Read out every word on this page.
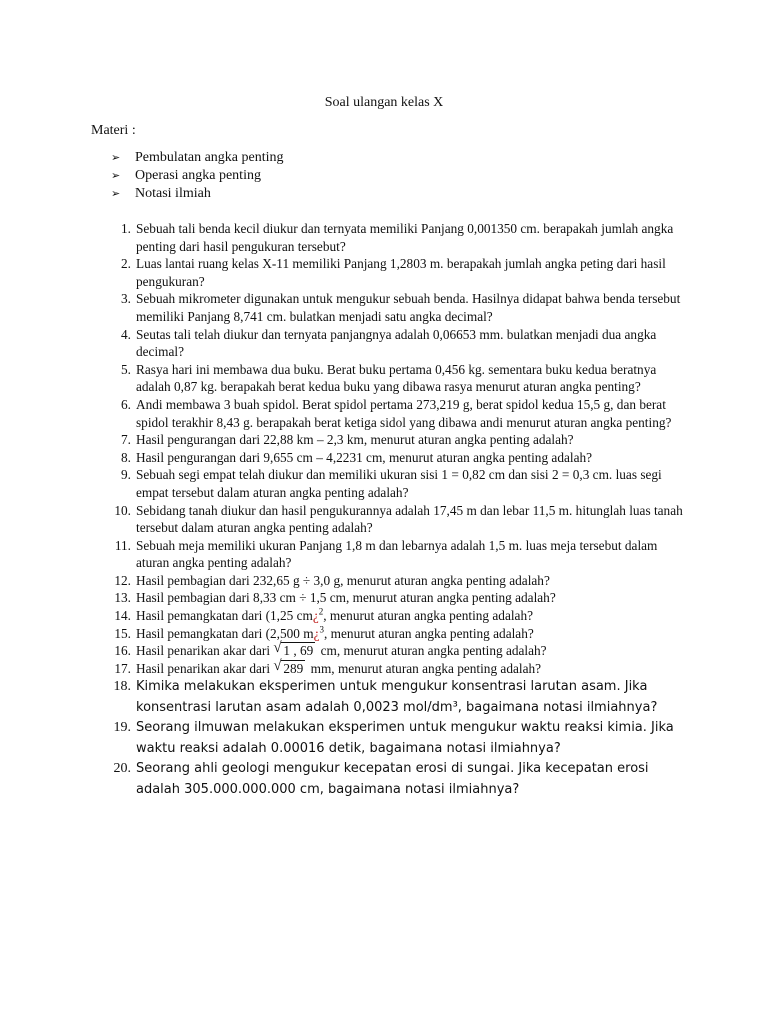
Soal ulangan kelas X
Materi :
➢ Pembulatan angka penting
➢ Operasi angka penting
➢ Notasi ilmiah
1. Sebuah tali benda kecil diukur dan ternyata memiliki Panjang 0,001350 cm. berapakah jumlah angka penting dari hasil pengukuran tersebut?
2. Luas lantai ruang kelas X-11 memiliki Panjang 1,2803 m. berapakah jumlah angka peting dari hasil pengukuran?
3. Sebuah mikrometer digunakan untuk mengukur sebuah benda. Hasilnya didapat bahwa benda tersebut memiliki Panjang 8,741 cm. bulatkan menjadi satu angka decimal?
4. Seutas tali telah diukur dan ternyata panjangnya adalah 0,06653 mm. bulatkan menjadi dua angka decimal?
5. Rasya hari ini membawa dua buku. Berat buku pertama 0,456 kg. sementara buku kedua beratnya adalah 0,87 kg. berapakah berat kedua buku yang dibawa rasya menurut aturan angka penting?
6. Andi membawa 3 buah spidol. Berat spidol pertama 273,219 g, berat spidol kedua 15,5 g, dan berat spidol terakhir 8,43 g. berapakah berat ketiga sidol yang dibawa andi menurut aturan angka penting?
7. Hasil pengurangan dari 22,88 km – 2,3 km, menurut aturan angka penting adalah?
8. Hasil pengurangan dari 9,655 cm – 4,2231 cm, menurut aturan angka penting adalah?
9. Sebuah segi empat telah diukur dan memiliki ukuran sisi 1 = 0,82 cm dan sisi 2 = 0,3 cm. luas segi empat tersebut dalam aturan angka penting adalah?
10. Sebidang tanah diukur dan hasil pengukurannya adalah 17,45 m dan lebar 11,5 m. hitunglah luas tanah tersebut dalam aturan angka penting adalah?
11. Sebuah meja memiliki ukuran Panjang 1,8 m dan lebarnya adalah 1,5 m. luas meja tersebut dalam aturan angka penting adalah?
12. Hasil pembagian dari 232,65 g ÷ 3,0 g, menurut aturan angka penting adalah?
13. Hasil pembagian dari 8,33 cm ÷ 1,5 cm, menurut aturan angka penting adalah?
14. Hasil pemangkatan dari (1,25 cm¿$^2$, menurut aturan angka penting adalah?
15. Hasil pemangkatan dari (2,500 m¿$^3$, menurut aturan angka penting adalah?
16. Hasil penarikan akar dari √ 1 , 69 cm, menurut aturan angka penting adalah?
17. Hasil penarikan akar dari √ 289 mm, menurut aturan angka penting adalah?
18. Kimika melakukan eksperimen untuk mengukur konsentrasi larutan asam. Jika konsentrasi larutan asam adalah 0,0023 mol/dm³, bagaimana notasi ilmiahnya?
19. Seorang ilmuwan melakukan eksperimen untuk mengukur waktu reaksi kimia. Jika waktu reaksi adalah 0.00016 detik, bagaimana notasi ilmiahnya?
20. Seorang ahli geologi mengukur kecepatan erosi di sungai. Jika kecepatan erosi adalah 305.000.000.000 cm, bagaimana notasi ilmiahnya?
